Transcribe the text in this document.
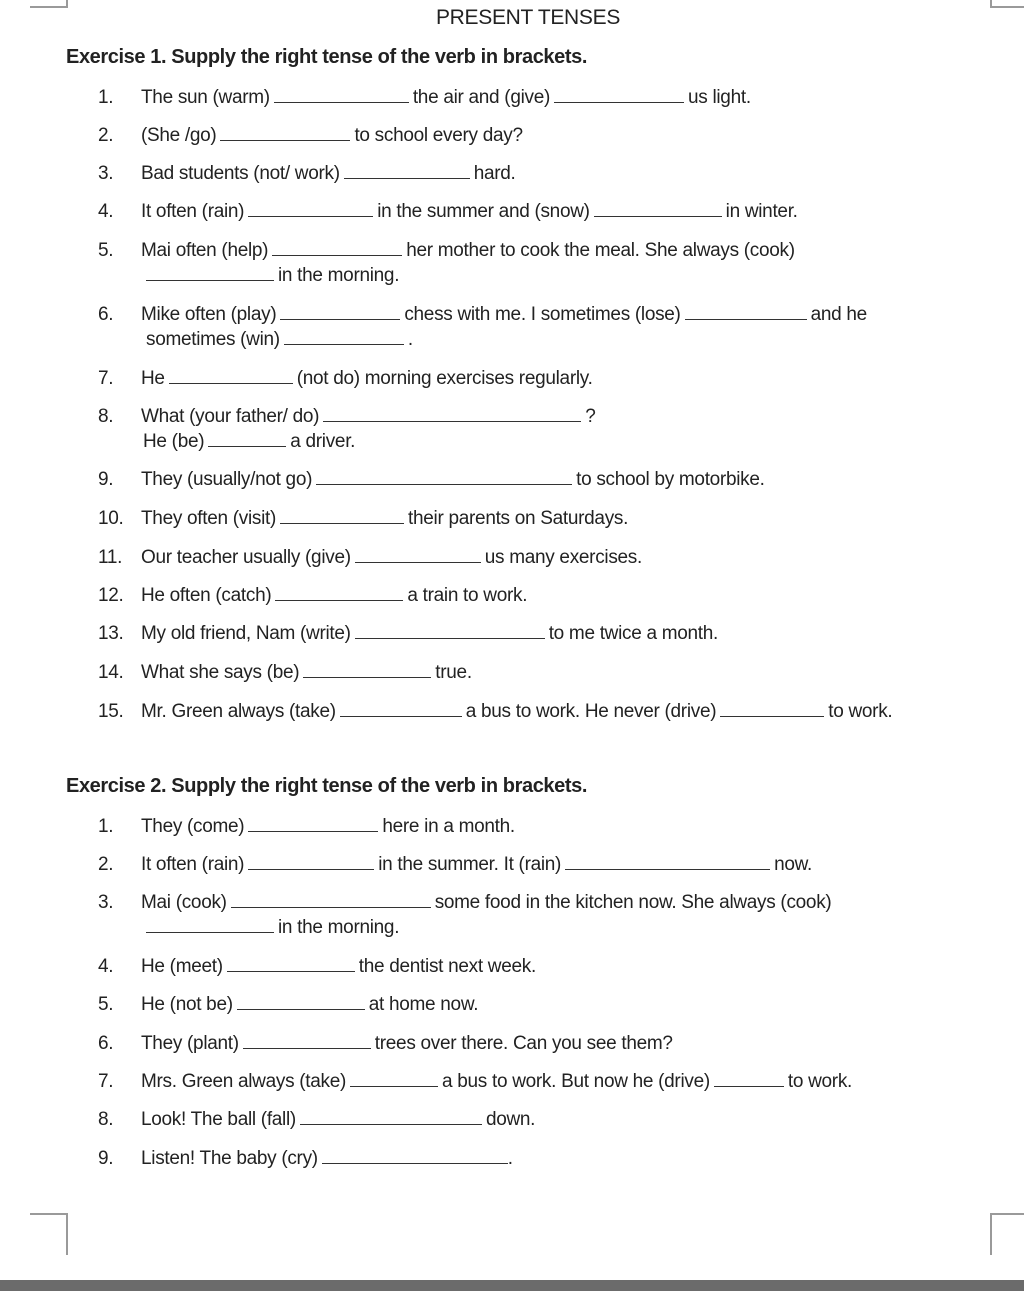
PRESENT TENSES
Exercise 1. Supply the right tense of the verb in brackets.
1.	The sun (warm)	the air and (give)	us light.
2.	(She /go)	to school every day?
3.	Bad students (not/ work)	hard.
4.	It often (rain)	in the summer and (snow)	in winter.
5.	Mai often (help)	her mother to cook the meal. She always (cook)
in the morning.
6.	Mike often (play)	chess with me. I sometimes (lose)	and he
sometimes (win)	.
7.	He	(not do) morning exercises regularly.
8.	What (your father/ do)	?
He (be)	a driver.
9.	They (usually/not go)	to school by motorbike.
10. They often (visit)	their parents on Saturdays.
11. Our teacher usually (give)	us many exercises.
12. He often (catch)	a train to work.
13. My old friend, Nam (write)	to me twice a month.
14. What she says (be)	true.
15. Mr. Green always (take)	a bus to work. He never (drive)	to work.
Exercise 2. Supply the right tense of the verb in brackets.
1.	They (come)	here in a month.
2.	It often (rain)	in the summer. It (rain)	now.
3.	Mai (cook)	some food in the kitchen now. She always (cook)
in the morning.
4.	He (meet)	the dentist next week.
5.	He (not be)	at home now.
6.	They (plant)	trees over there. Can you see them?
7.	Mrs. Green always (take)	a bus to work. But now he (drive)	to work.
8.	Look! The ball (fall)	down.
9.	Listen! The baby (cry)	.
